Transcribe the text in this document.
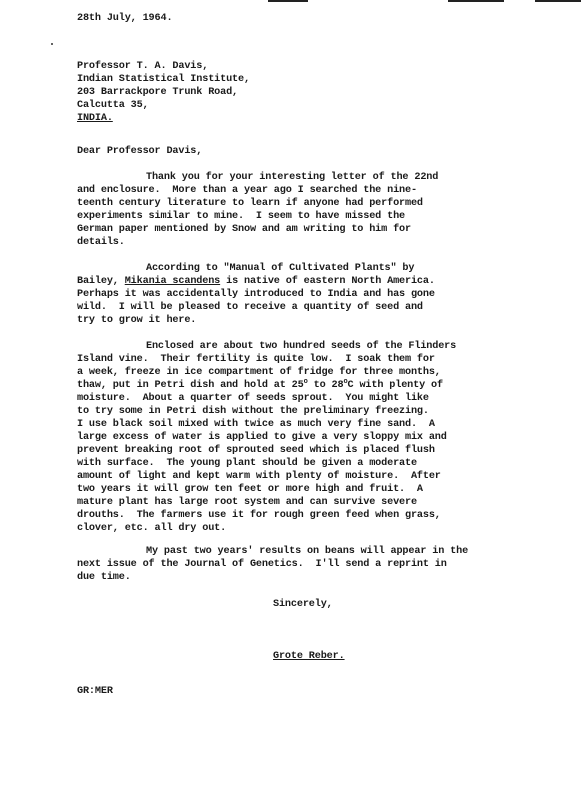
28th July, 1964.
Professor T. A. Davis,
Indian Statistical Institute,
203 Barrackpore Trunk Road,
Calcutta 35,
INDIA.
Dear Professor Davis,
Thank you for your interesting letter of the 22nd
and enclosure.  More than a year ago I searched the nine-
teenth century literature to learn if anyone had performed
experiments similar to mine.  I seem to have missed the
German paper mentioned by Snow and am writing to him for
details.
According to "Manual of Cultivated Plants" by
Bailey, Mikania scandens is native of eastern North America.
Perhaps it was accidentally introduced to India and has gone
wild.  I will be pleased to receive a quantity of seed and
try to grow it here.
Enclosed are about two hundred seeds of the Flinders
Island vine.  Their fertility is quite low.  I soak them for
a week, freeze in ice compartment of fridge for three months,
thaw, put in Petri dish and hold at 25$^o$ to 28$^o$C with plenty of
moisture.  About a quarter of seeds sprout.  You might like
to try some in Petri dish without the preliminary freezing.
I use black soil mixed with twice as much very fine sand.  A
large excess of water is applied to give a very sloppy mix and
prevent breaking root of sprouted seed which is placed flush
with surface.  The young plant should be given a moderate
amount of light and kept warm with plenty of moisture.  After
two years it will grow ten feet or more high and fruit.  A
mature plant has large root system and can survive severe
drouths.  The farmers use it for rough green feed when grass,
clover, etc. all dry out.
My past two years' results on beans will appear in the
next issue of the Journal of Genetics.  I'll send a reprint in
due time.
Sincerely,
Grote Reber.
GR:MER
